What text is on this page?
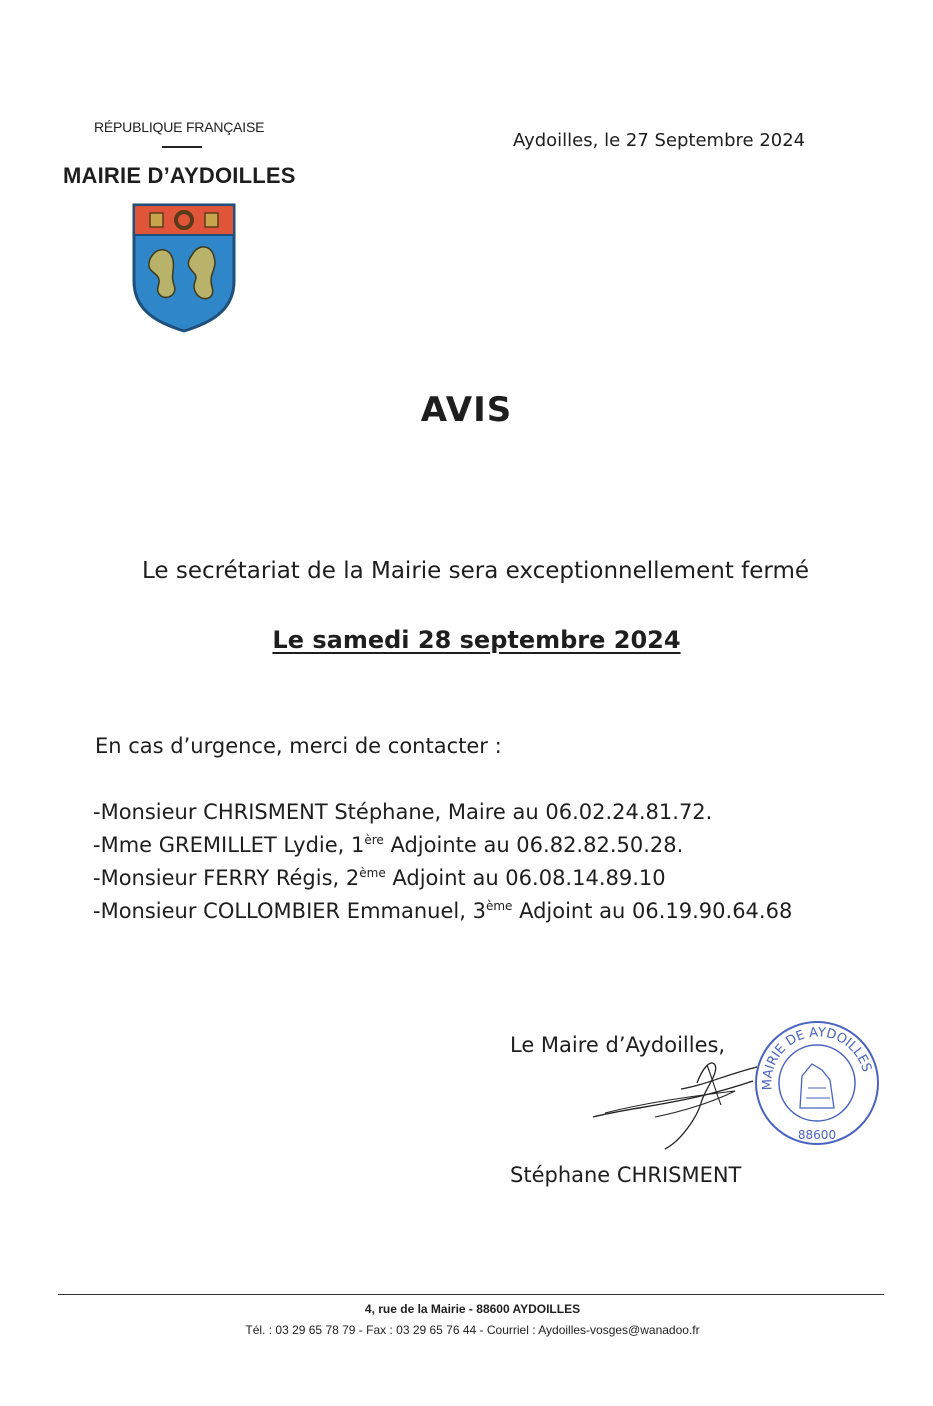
RÉPUBLIQUE FRANÇAISE
MAIRIE D’AYDOILLES
Aydoilles, le 27 Septembre 2024
AVIS
Le secrétariat de la Mairie sera exceptionnellement fermé
Le samedi 28 septembre 2024
En cas d’urgence, merci de contacter :
-Monsieur CHRISMENT Stéphane, Maire au 06.02.24.81.72.
-Mme GREMILLET Lydie, 1ère Adjointe au 06.82.82.50.28.
-Monsieur FERRY Régis, 2ème Adjoint au 06.08.14.89.10
-Monsieur COLLOMBIER Emmanuel, 3ème Adjoint au 06.19.90.64.68
Le Maire d’Aydoilles,
MAIRIE DE AYDOILLES
88600
Stéphane CHRISMENT
4, rue de la Mairie - 88600 AYDOILLES
Tél. : 03 29 65 78 79 - Fax : 03 29 65 76 44 - Courriel : Aydoilles-vosges@wanadoo.fr
